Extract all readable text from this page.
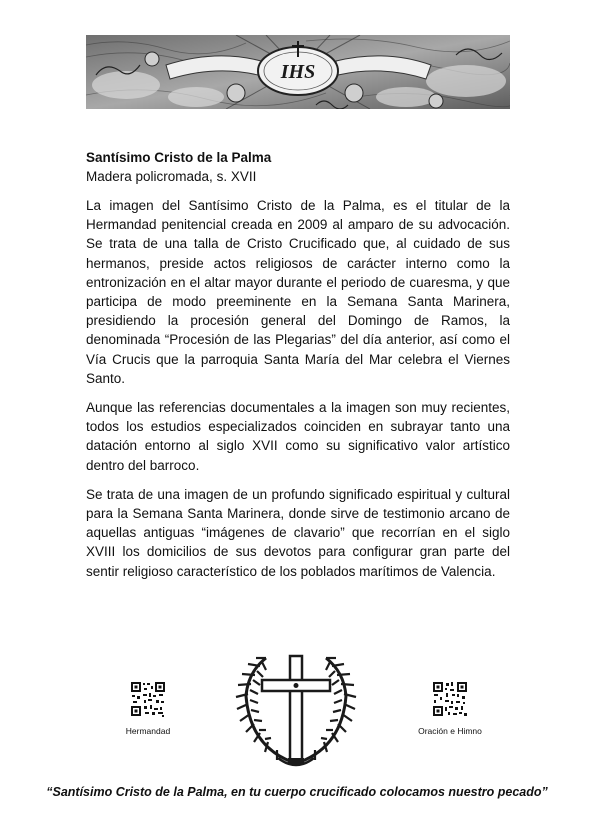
IHS

Santísimo Cristo de la Palma

Madera policromada, s. XVII

La imagen del Santísimo Cristo de la Palma, es el titular de la Hermandad penitencial creada en 2009 al amparo de su advocación. Se trata de una talla de Cristo Crucificado que, al cuidado de sus hermanos, preside actos religiosos de carácter interno como la entronización en el altar mayor durante el periodo de cuaresma, y que participa de modo preeminente en la Semana Santa Marinera, presidiendo la procesión general del Domingo de Ramos, la denominada “Procesión de las Plegarias” del día anterior, así como el Vía Crucis que la parroquia Santa María del Mar celebra el Viernes Santo.

Aunque las referencias documentales a la imagen son muy recientes, todos los estudios especializados coinciden en subrayar tanto una datación entorno al siglo XVII como su significativo valor artístico dentro del barroco.

Se trata de una imagen de un profundo significado espiritual y cultural para la Semana Santa Marinera, donde sirve de testimonio arcano de aquellas antiguas “imágenes de clavario” que recorrían en el siglo XVIII los domicilios de sus devotos para configurar gran parte del sentir religioso característico de los poblados marítimos de Valencia.

Hermandad	Oración e Himno
“Santísimo Cristo de la Palma, en tu cuerpo crucificado colocamos nuestro pecado”
